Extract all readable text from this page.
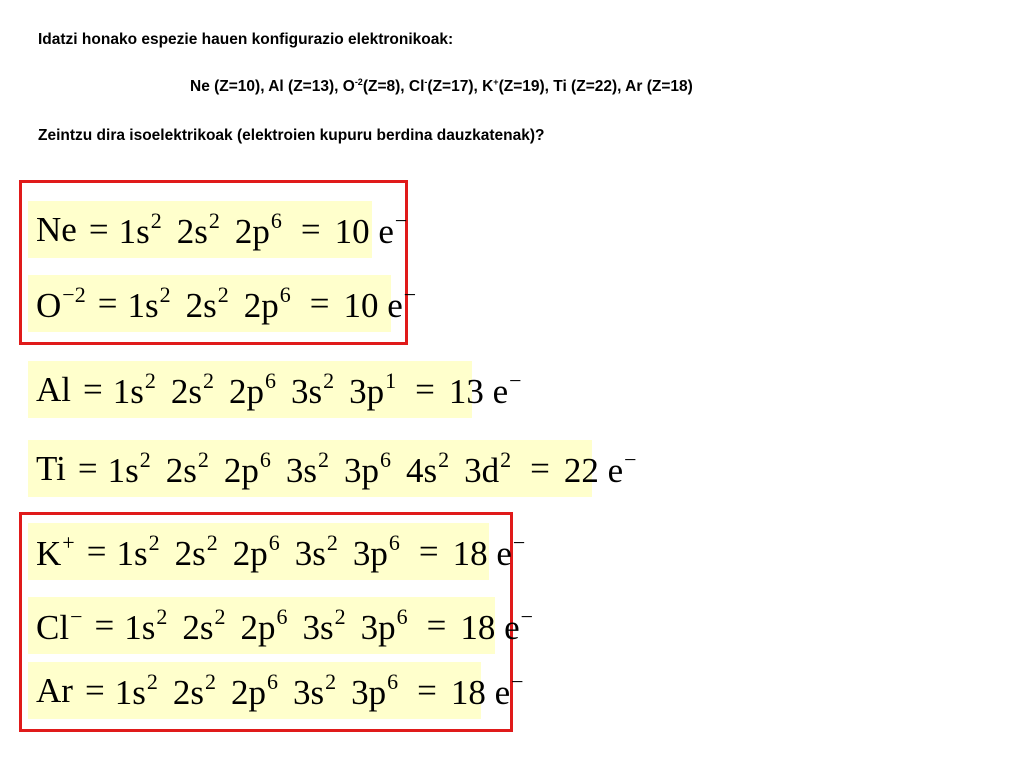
Idatzi honako espezie hauen konfigurazio elektronikoak:
Ne (Z=10), Al (Z=13), $O^{-2}(Z=8)$, Cl-(Z=17), K+(Z=19), Ti (Z=22), Ar (Z=18)
Zeintzu dira isoelektrikoak (elektroien kupuru berdina dauzkatenak)?
$Ne = 1s^2$ $2s^2$ $2p^6 = 10$ e−
$O^{-2} = 1s^2$ $2s^2$ $2p^6 = 10$ e−
$Al = 1s^2$ $2s^2$ $2p^6$ $3s^2$ $3p^1 = 13$ e−
$Ti = 1s^2$ $2s^2$ $2p^6$ $3s^2$ $3p^6$ $4s^2$ $3d^2 = 22$ e−
$K^+ = 1s^2$ $2s^2$ $2p^6$ $3s^2$ $3p^6 = 18$ e−
$Cl^- = 1s^2$ $2s^2$ $2p^6$ $3s^2$ $3p^6 = 18$ e−
$Ar = 1s^2$ $2s^2$ $2p^6$ $3s^2$ $3p^6 = 18$ e−
